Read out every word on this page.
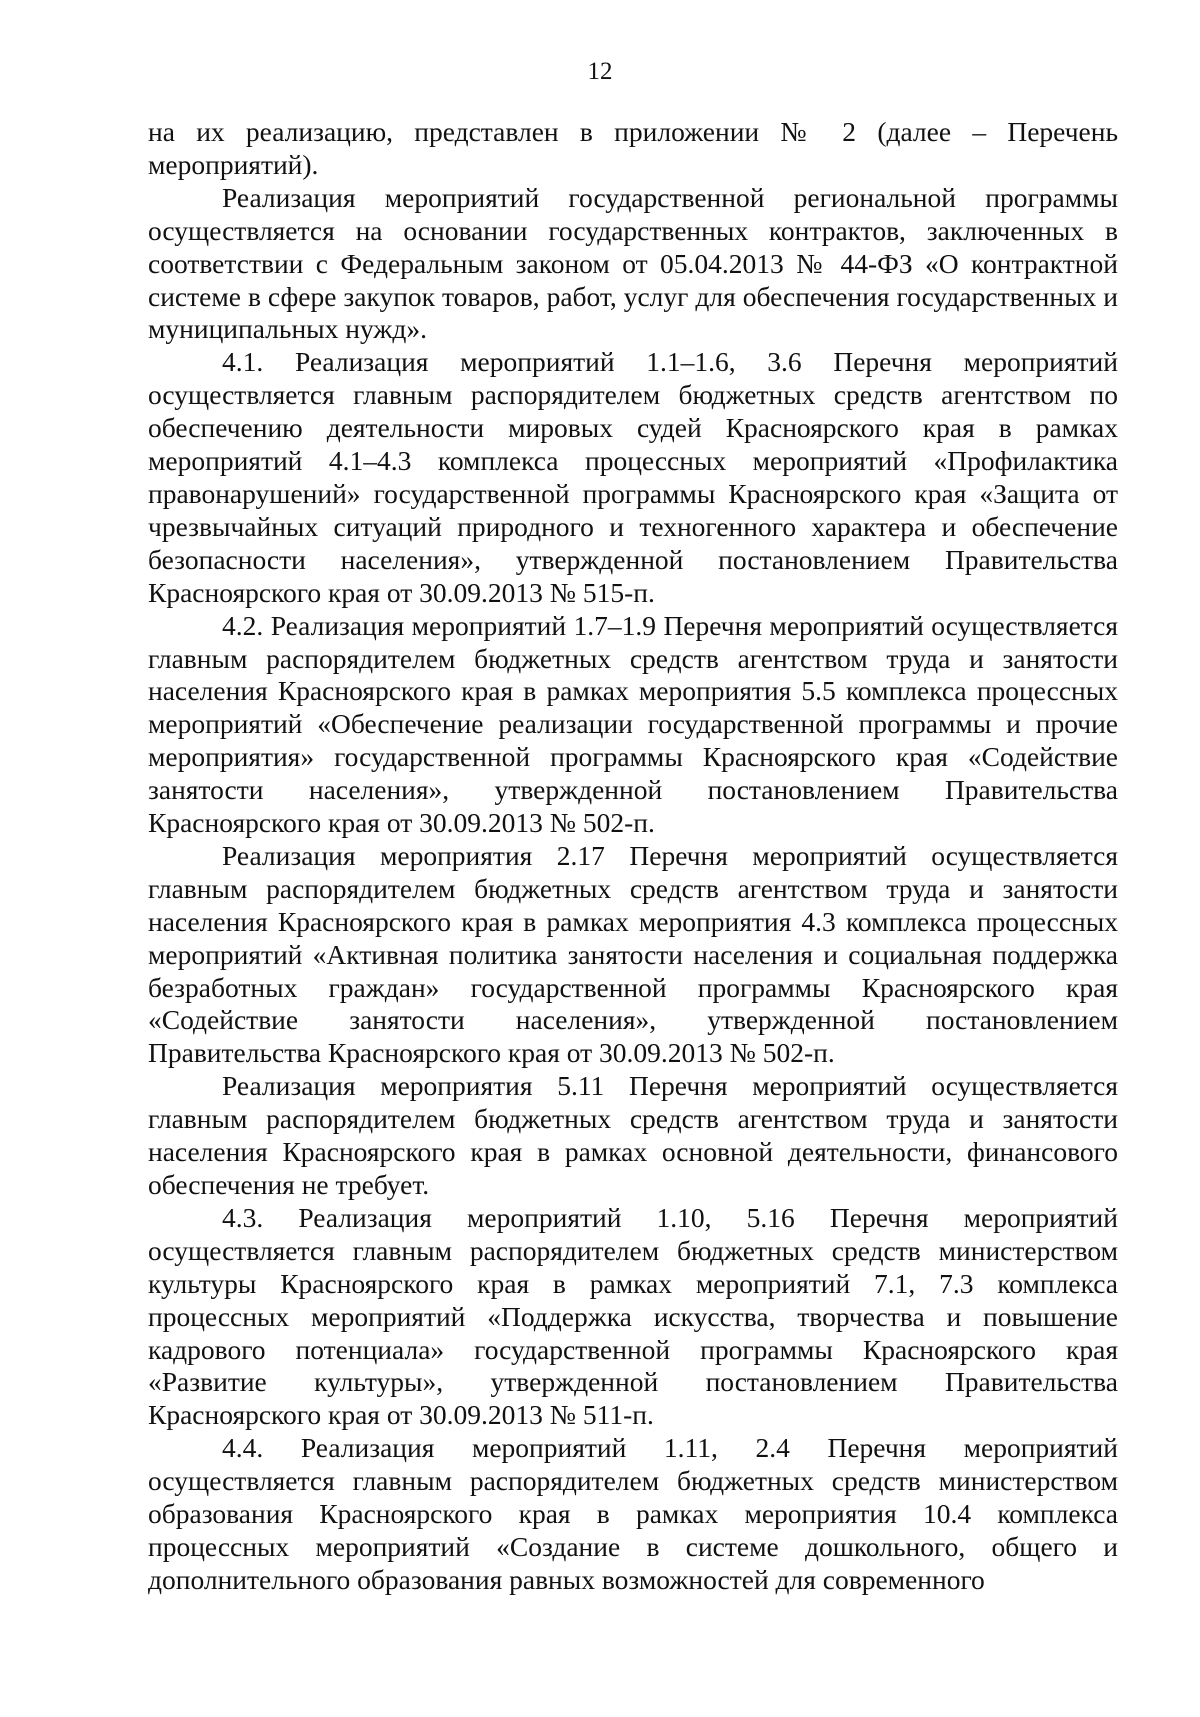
12

на их реализацию, представлен в приложении № 2 (далее – Перечень мероприятий).

Реализация мероприятий государственной региональной программы осуществляется на основании государственных контрактов, заключенных в соответствии с Федеральным законом от 05.04.2013 № 44-ФЗ «О контрактной системе в сфере закупок товаров, работ, услуг для обеспечения государственных и муниципальных нужд».

4.1. Реализация мероприятий 1.1–1.6, 3.6 Перечня мероприятий осуществляется главным распорядителем бюджетных средств агентством по обеспечению деятельности мировых судей Красноярского края в рамках мероприятий 4.1–4.3 комплекса процессных мероприятий «Профилактика правонарушений» государственной программы Красноярского края «Защита от чрезвычайных ситуаций природного и техногенного характера и обеспечение безопасности населения», утвержденной постановлением Правительства Красноярского края от 30.09.2013 № 515-п.

4.2. Реализация мероприятий 1.7–1.9 Перечня мероприятий осуществляется главным распорядителем бюджетных средств агентством труда и занятости населения Красноярского края в рамках мероприятия 5.5 комплекса процессных мероприятий «Обеспечение реализации государственной программы и прочие мероприятия» государственной программы Красноярского края «Содействие занятости населения», утвержденной постановлением Правительства Красноярского края от 30.09.2013 № 502-п.

Реализация мероприятия 2.17 Перечня мероприятий осуществляется главным распорядителем бюджетных средств агентством труда и занятости населения Красноярского края в рамках мероприятия 4.3 комплекса процессных мероприятий «Активная политика занятости населения и социальная поддержка безработных граждан» государственной программы Красноярского края «Содействие занятости населения», утвержденной постановлением Правительства Красноярского края от 30.09.2013 № 502-п.

Реализация мероприятия 5.11 Перечня мероприятий осуществляется главным распорядителем бюджетных средств агентством труда и занятости населения Красноярского края в рамках основной деятельности, финансового обеспечения не требует.

4.3. Реализация мероприятий 1.10, 5.16 Перечня мероприятий осуществляется главным распорядителем бюджетных средств министерством культуры Красноярского края в рамках мероприятий 7.1, 7.3 комплекса процессных мероприятий «Поддержка искусства, творчества и повышение кадрового потенциала» государственной программы Красноярского края «Развитие культуры», утвержденной постановлением Правительства Красноярского края от 30.09.2013 № 511-п.

4.4. Реализация мероприятий 1.11, 2.4 Перечня мероприятий осуществляется главным распорядителем бюджетных средств министерством образования Красноярского края в рамках мероприятия 10.4 комплекса процессных мероприятий «Создание в системе дошкольного, общего и дополнительного образования равных возможностей для современного
